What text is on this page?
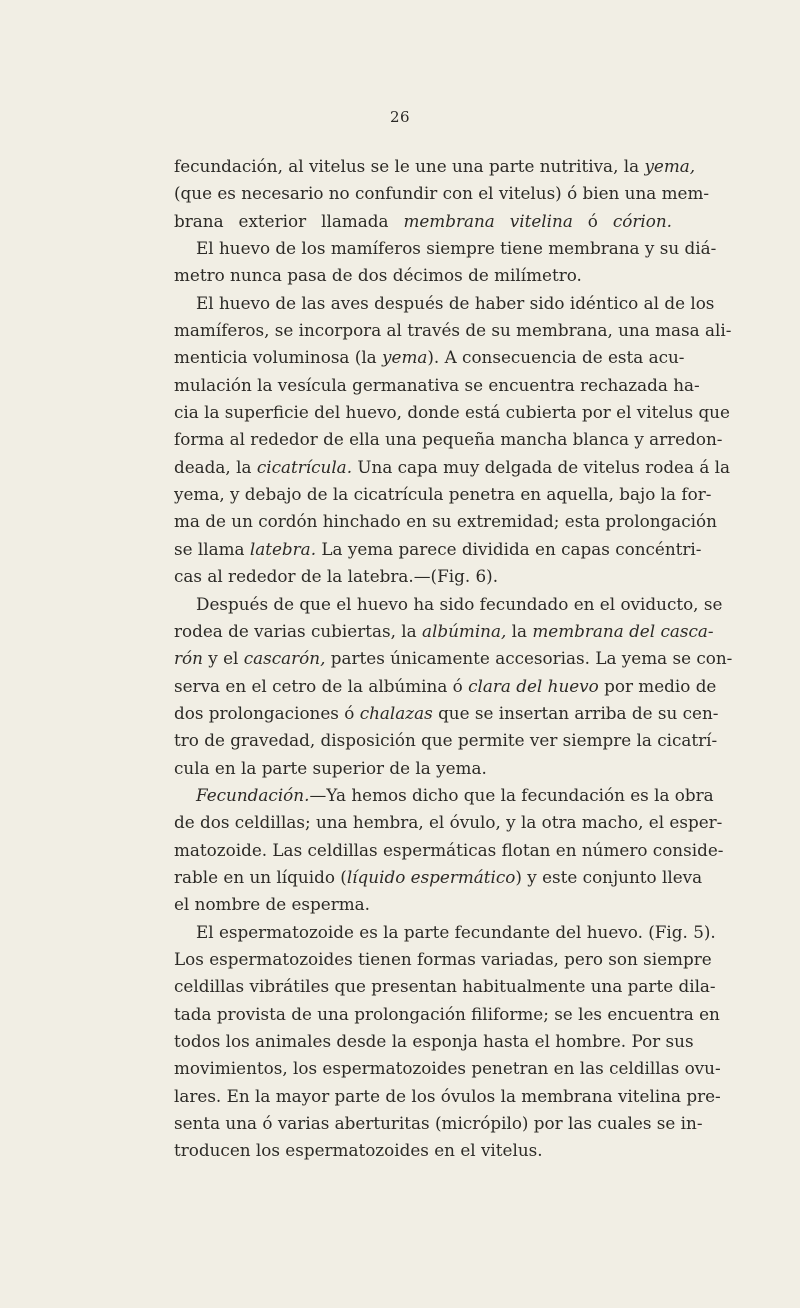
26
fecundación, al vitelus se le une una parte nutritiva, la yema,
(que es necesario no confundir con el vitelus) ó bien una mem-
brana exterior llamada membrana vitelina ó córion.
El huevo de los mamíferos siempre tiene membrana y su diá-
metro nunca pasa de dos décimos de milímetro.
El huevo de las aves después de haber sido idéntico al de los
mamíferos, se incorpora al través de su membrana, una masa ali-
menticia voluminosa (la yema). A consecuencia de esta acu-
mulación la vesícula germanativa se encuentra rechazada ha-
cia la superficie del huevo, donde está cubierta por el vitelus que
forma al rededor de ella una pequeña mancha blanca y arredon-
deada, la cicatrícula. Una capa muy delgada de vitelus rodea á la
yema, y debajo de la cicatrícula penetra en aquella, bajo la for-
ma de un cordón hinchado en su extremidad; esta prolongación
se llama latebra. La yema parece dividida en capas concéntri-
cas al rededor de la latebra.—(Fig. 6).
Después de que el huevo ha sido fecundado en el oviducto, se
rodea de varias cubiertas, la albúmina, la membrana del casca-
rón y el cascarón, partes únicamente accesorias. La yema se con-
serva en el cetro de la albúmina ó clara del huevo por medio de
dos prolongaciones ó chalazas que se insertan arriba de su cen-
tro de gravedad, disposición que permite ver siempre la cicatrí-
cula en la parte superior de la yema.
Fecundación.—Ya hemos dicho que la fecundación es la obra
de dos celdillas; una hembra, el óvulo, y la otra macho, el esper-
matozoide. Las celdillas espermáticas flotan en número conside-
rable en un líquido (líquido espermático) y este conjunto lleva
el nombre de esperma.
El espermatozoide es la parte fecundante del huevo. (Fig. 5).
Los espermatozoides tienen formas variadas, pero son siempre
celdillas vibrátiles que presentan habitualmente una parte dila-
tada provista de una prolongación filiforme; se les encuentra en
todos los animales desde la esponja hasta el hombre. Por sus
movimientos, los espermatozoides penetran en las celdillas ovu-
lares. En la mayor parte de los óvulos la membrana vitelina pre-
senta una ó varias aberturitas (micrópilo) por las cuales se in-
troducen los espermatozoides en el vitelus.
